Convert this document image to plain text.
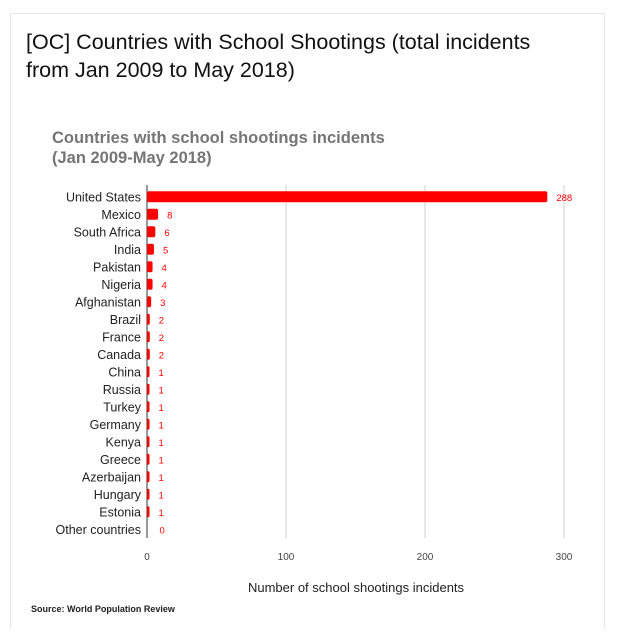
[OC] Countries with School Shootings (total incidents
from Jan 2009 to May 2018)
Countries with school shootings incidents
(Jan 2009-May 2018)
0	100	200	300
United States	288
Mexico	8
South Africa 6
India 5
Pakistan 4
Nigeria 4
Afghanistan 3
Brazil 2
France 2
Canada 2
China 1
Russia 1
Turkey 1
Germany 1
Kenya 1
Greece 1
Azerbaijan 1
Hungary 1
Estonia 1
Other countries 0
Number of school shootings incidents
Source: World Population Review
